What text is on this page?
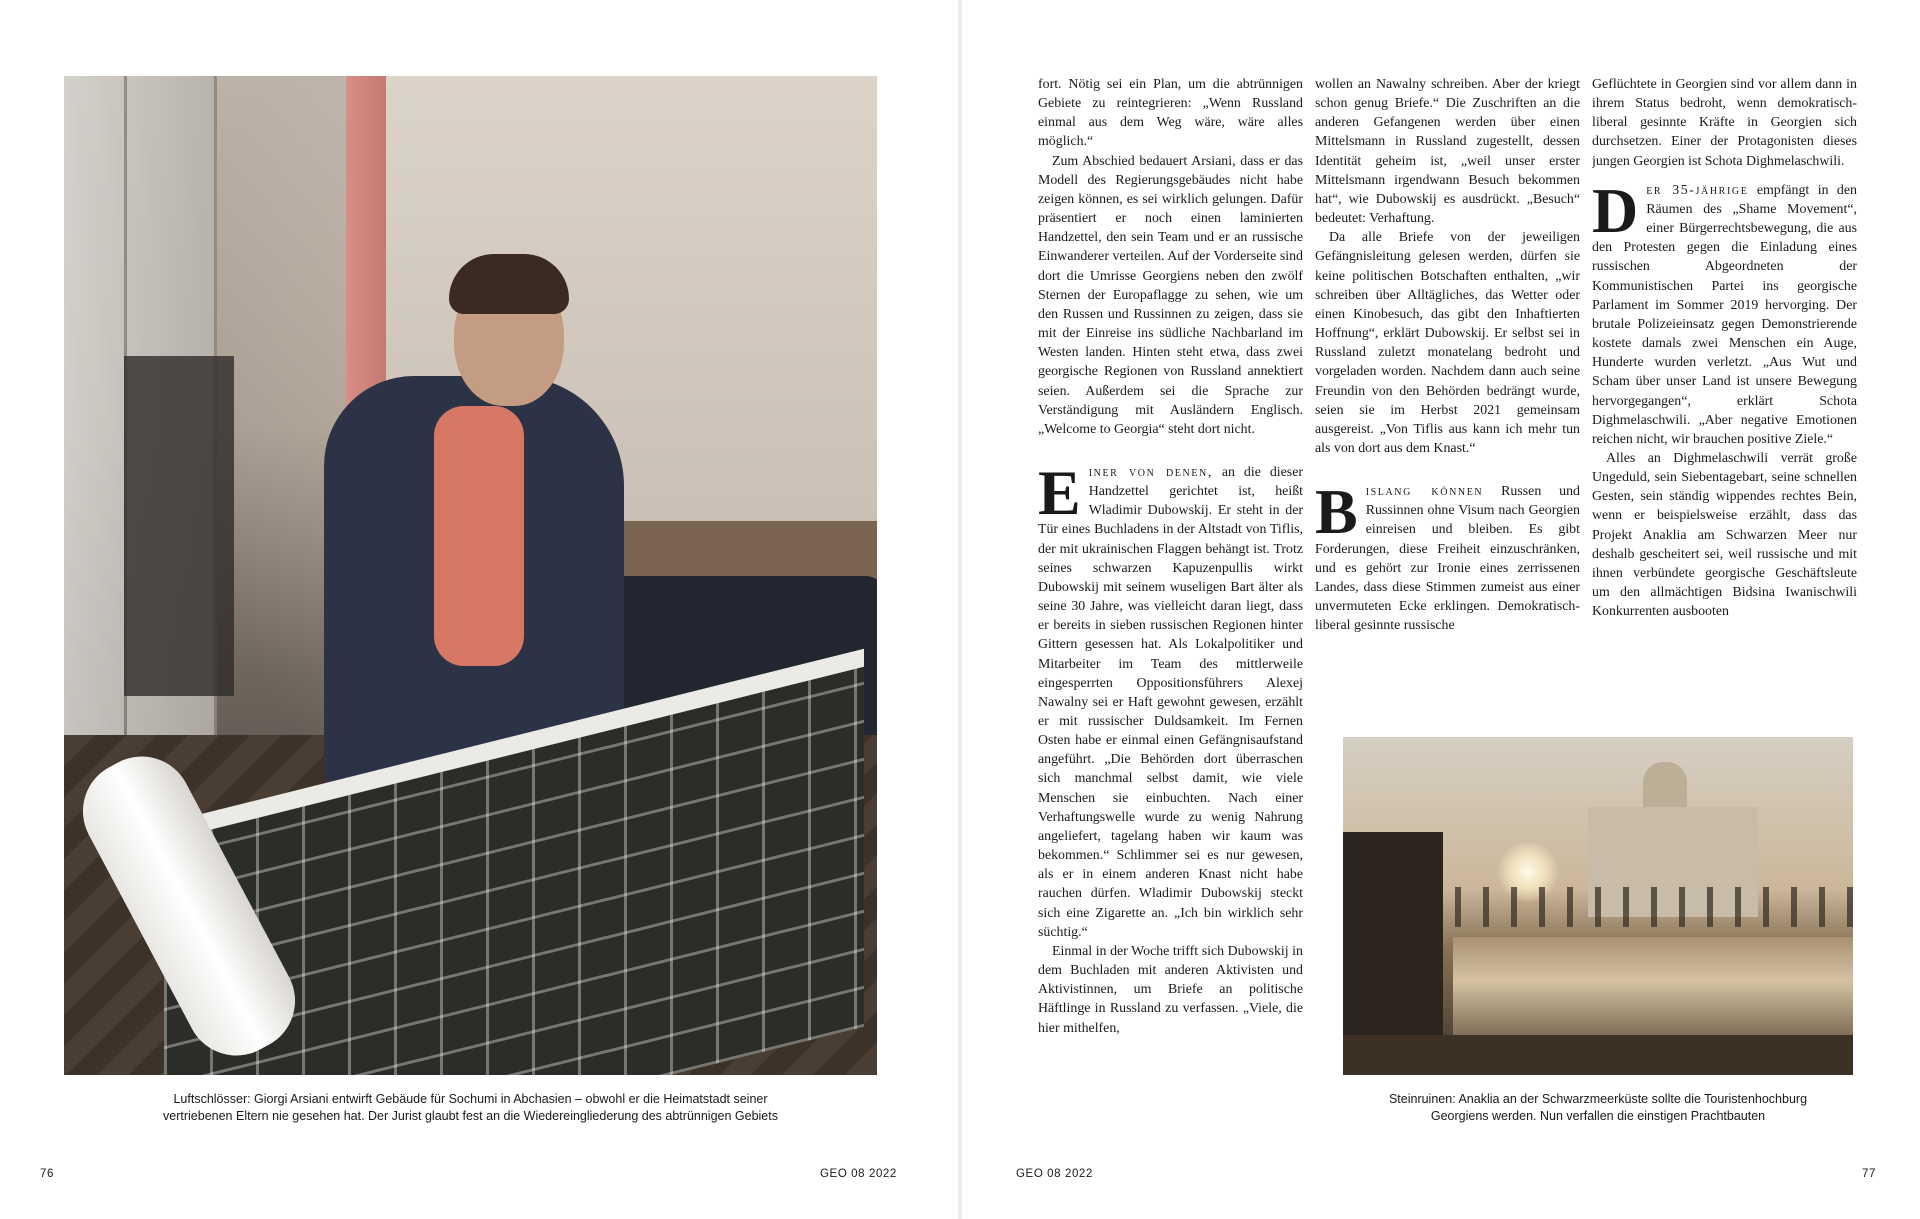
Luftschlösser: Giorgi Arsiani entwirft Gebäude für Sochumi in Abchasien – obwohl er die Heimatstadt seiner
vertriebenen Eltern nie gesehen hat. Der Jurist glaubt fest an die Wiedereingliederung des abtrünnigen Gebiets
76	GEO 08 2022

fort. Nötig sei ein Plan, um die abtrünnigen Gebiete zu reintegrieren: „Wenn Russland einmal aus dem Weg wäre, wäre alles möglich.“

Zum Abschied bedauert Arsiani, dass er das Modell des Regierungsgebäudes nicht habe zeigen können, es sei wirklich gelungen. Dafür präsentiert er noch einen laminierten Handzettel, den sein Team und er an russische Einwanderer verteilen. Auf der Vorderseite sind dort die Umrisse Georgiens neben den zwölf Sternen der Europaflagge zu sehen, wie um den Russen und Russinnen zu zeigen, dass sie mit der Einreise ins südliche Nachbarland im Westen landen. Hinten steht etwa, dass zwei georgische Regionen von Russland annektiert seien. Außerdem sei die Sprache zur Verständigung mit Ausländern Englisch. „Welcome to Georgia“ steht dort nicht.

E iner von denen, an die dieser Handzettel gerichtet ist, heißt Wladimir Dubowskij. Er steht in der Tür eines Buchladens in der Altstadt von Tiflis, der mit ukrainischen Flaggen behängt ist. Trotz seines schwarzen Kapuzenpullis wirkt Dubowskij mit seinem wuseligen Bart älter als seine 30 Jahre, was vielleicht daran liegt, dass er bereits in sieben russischen Regionen hinter Gittern gesessen hat. Als Lokalpolitiker und Mitarbeiter im Team des mittlerweile eingesperrten Oppositionsführers Alexej Nawalny sei er Haft gewohnt gewesen, erzählt er mit russischer Duldsamkeit. Im Fernen Osten habe er einmal einen Gefängnisaufstand angeführt. „Die Behörden dort überraschen sich manchmal selbst damit, wie viele Menschen sie einbuchten. Nach einer Verhaftungswelle wurde zu wenig Nahrung angeliefert, tagelang haben wir kaum was bekommen.“ Schlimmer sei es nur gewesen, als er in einem anderen Knast nicht habe rauchen dürfen. Wladimir Dubowskij steckt sich eine Zigarette an. „Ich bin wirklich sehr süchtig.“

Einmal in der Woche trifft sich Dubowskij in dem Buchladen mit anderen Aktivisten und Aktivistinnen, um Briefe an politische Häftlinge in Russland zu verfassen. „Viele, die hier mithelfen,

wollen an Nawalny schreiben. Aber der kriegt schon genug Briefe.“ Die Zuschriften an die anderen Gefangenen werden über einen Mittelsmann in Russland zugestellt, dessen Identität geheim ist, „weil unser erster Mittelsmann irgendwann Besuch bekommen hat“, wie Dubowskij es ausdrückt. „Besuch“ bedeutet: Verhaftung.

Da alle Briefe von der jeweiligen Gefängnisleitung gelesen werden, dürfen sie keine politischen Botschaften enthalten, „wir schreiben über Alltägliches, das Wetter oder einen Kinobesuch, das gibt den Inhaftierten Hoffnung“, erklärt Dubowskij. Er selbst sei in Russland zuletzt monatelang bedroht und vorgeladen worden. Nachdem dann auch seine Freundin von den Behörden bedrängt wurde, seien sie im Herbst 2021 gemeinsam ausgereist. „Von Tiflis aus kann ich mehr tun als von dort aus dem Knast.“

B islang können Russen und Russinnen ohne Visum nach Georgien einreisen und bleiben. Es gibt Forderungen, diese Freiheit einzuschränken, und es gehört zur Ironie eines zerrissenen Landes, dass diese Stimmen zumeist aus einer unvermuteten Ecke erklingen. Demokratisch-liberal gesinnte russische

Geflüchtete in Georgien sind vor allem dann in ihrem Status bedroht, wenn demokratisch-liberal gesinnte Kräfte in Georgien sich durchsetzen. Einer der Protagonisten dieses jungen Georgien ist Schota Dighmelaschwili.

D er 35-jährige empfängt in den Räumen des „Shame Movement“, einer Bürgerrechtsbewegung, die aus den Protesten gegen die Einladung eines russischen Abgeordneten der Kommunistischen Partei ins georgische Parlament im Sommer 2019 hervorging. Der brutale Polizeieinsatz gegen Demonstrierende kostete damals zwei Menschen ein Auge, Hunderte wurden verletzt. „Aus Wut und Scham über unser Land ist unsere Bewegung hervorgegangen“, erklärt Schota Dighmelaschwili. „Aber negative Emotionen reichen nicht, wir brauchen positive Ziele.“

Alles an Dighmelaschwili verrät große Ungeduld, sein Siebentagebart, seine schnellen Gesten, sein ständig wippendes rechtes Bein, wenn er beispielsweise erzählt, dass das Projekt Anaklia am Schwarzen Meer nur deshalb gescheitert sei, weil russische und mit ihnen verbündete georgische Geschäftsleute um den allmächtigen Bidsina Iwanischwili Konkurrenten ausbooten

Steinruinen: Anaklia an der Schwarzmeerküste sollte die Touristenhochburg
Georgiens werden. Nun verfallen die einstigen Prachtbauten
GEO 08 2022	77
